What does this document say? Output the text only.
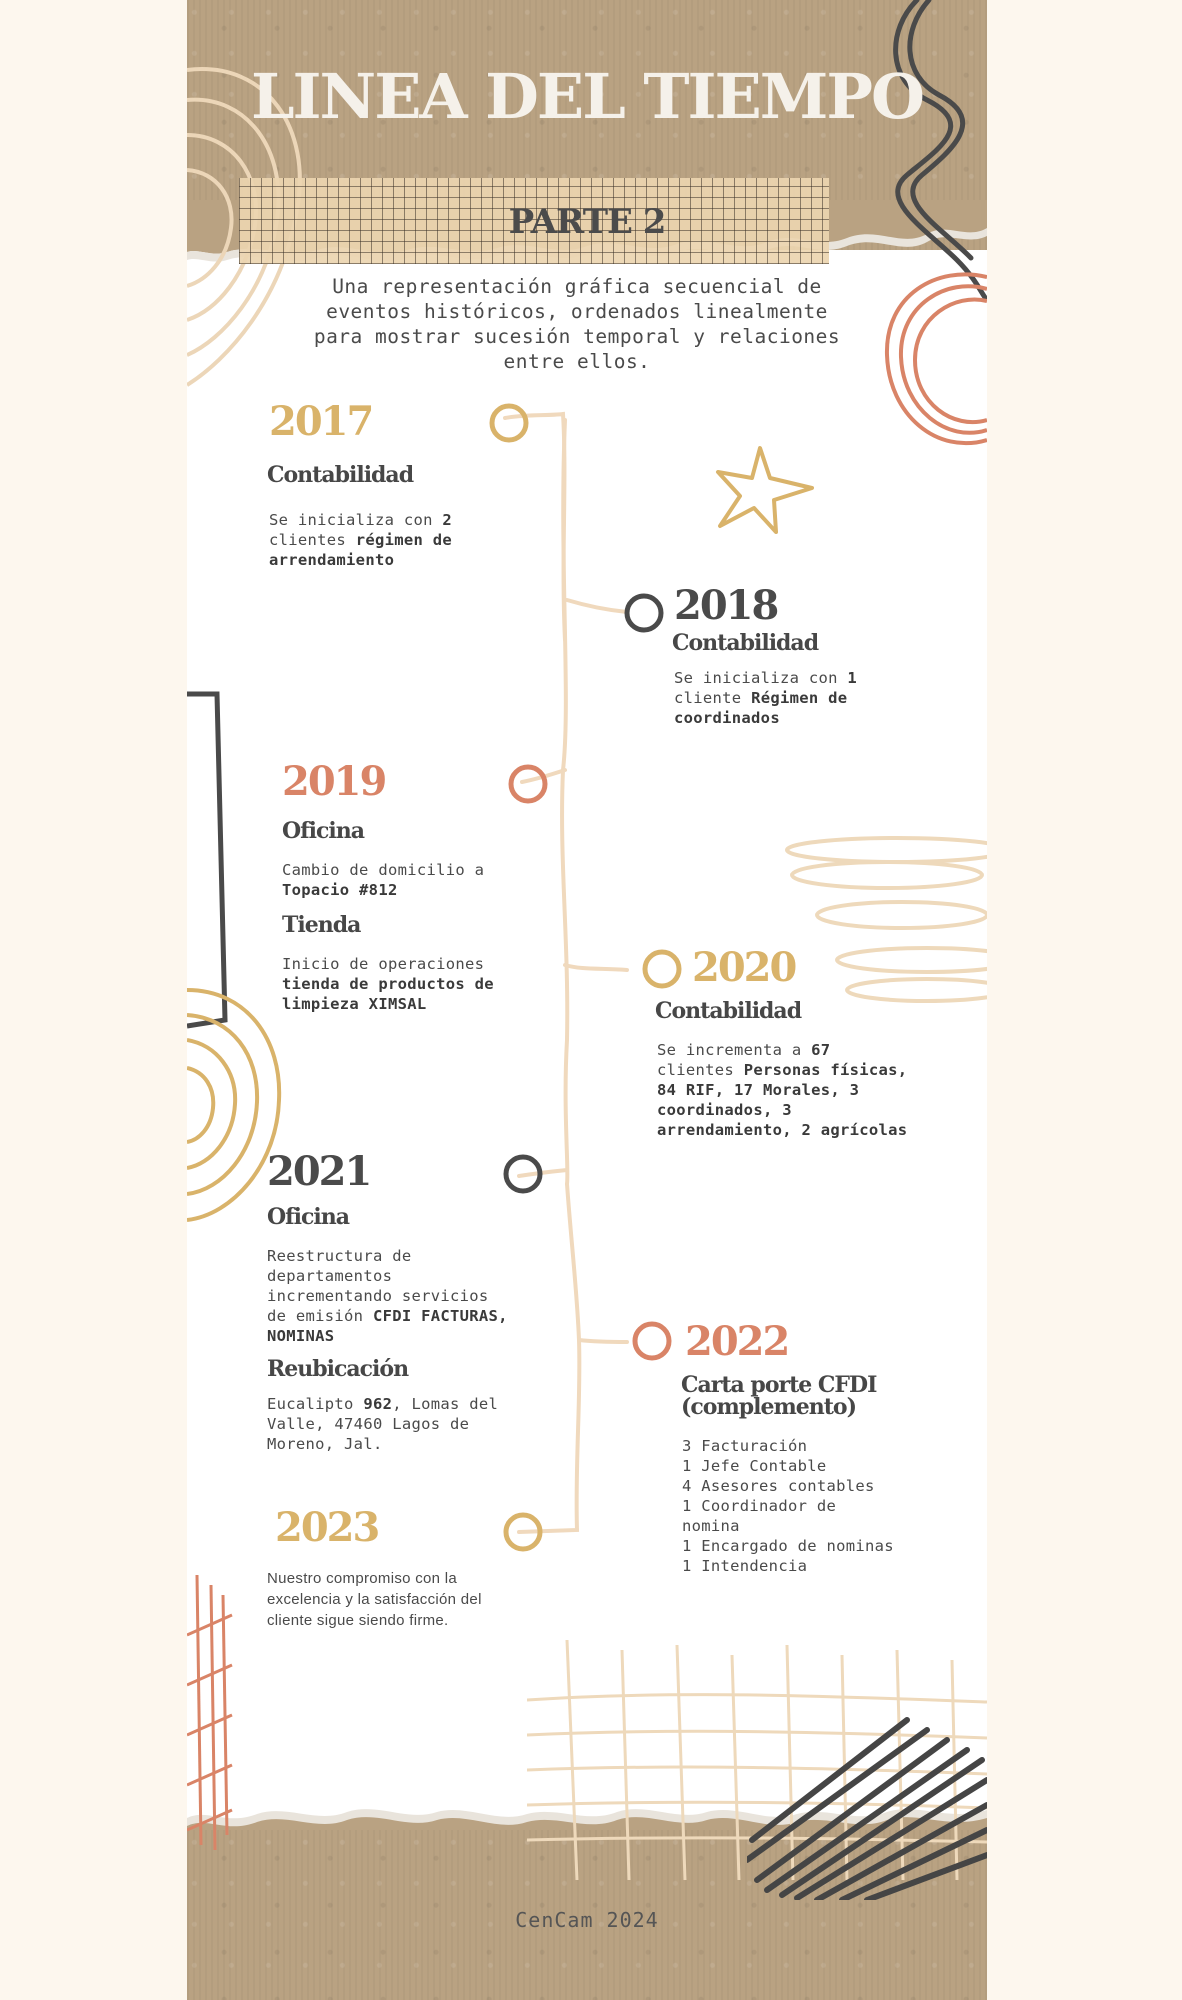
LINEA DEL TIEMPO
PARTE 2

Una representación gráfica secuencial de eventos históricos, ordenados linealmente para mostrar sucesión temporal y relaciones entre ellos.

2017
Contabilidad

Se inicializa con 2 clientes régimen de arrendamiento

2018
Contabilidad

Se inicializa con 1 cliente Régimen de coordinados

2019
Oficina

Cambio de domicilio a Topacio #812

Tienda

Inicio de operaciones tienda de productos de limpieza XIMSAL

2020
Contabilidad

Se incrementa a 67 clientes Personas físicas, 84 RIF, 17 Morales, 3 coordinados, 3 arrendamiento, 2 agrícolas

2021
Oficina

Reestructura de departamentos incrementando servicios de emisión CFDI FACTURAS, NOMINAS

Reubicación

Eucalipto 962, Lomas del Valle, 47460 Lagos de Moreno, Jal.

2022
Carta porte CFDI (complemento)

3 Facturación
1 Jefe Contable
4 Asesores contables
1 Coordinador de nomina
1 Encargado de nominas
1 Intendencia

2023

Nuestro compromiso con la excelencia y la satisfacción del cliente sigue siendo firme.

CenCam 2024
